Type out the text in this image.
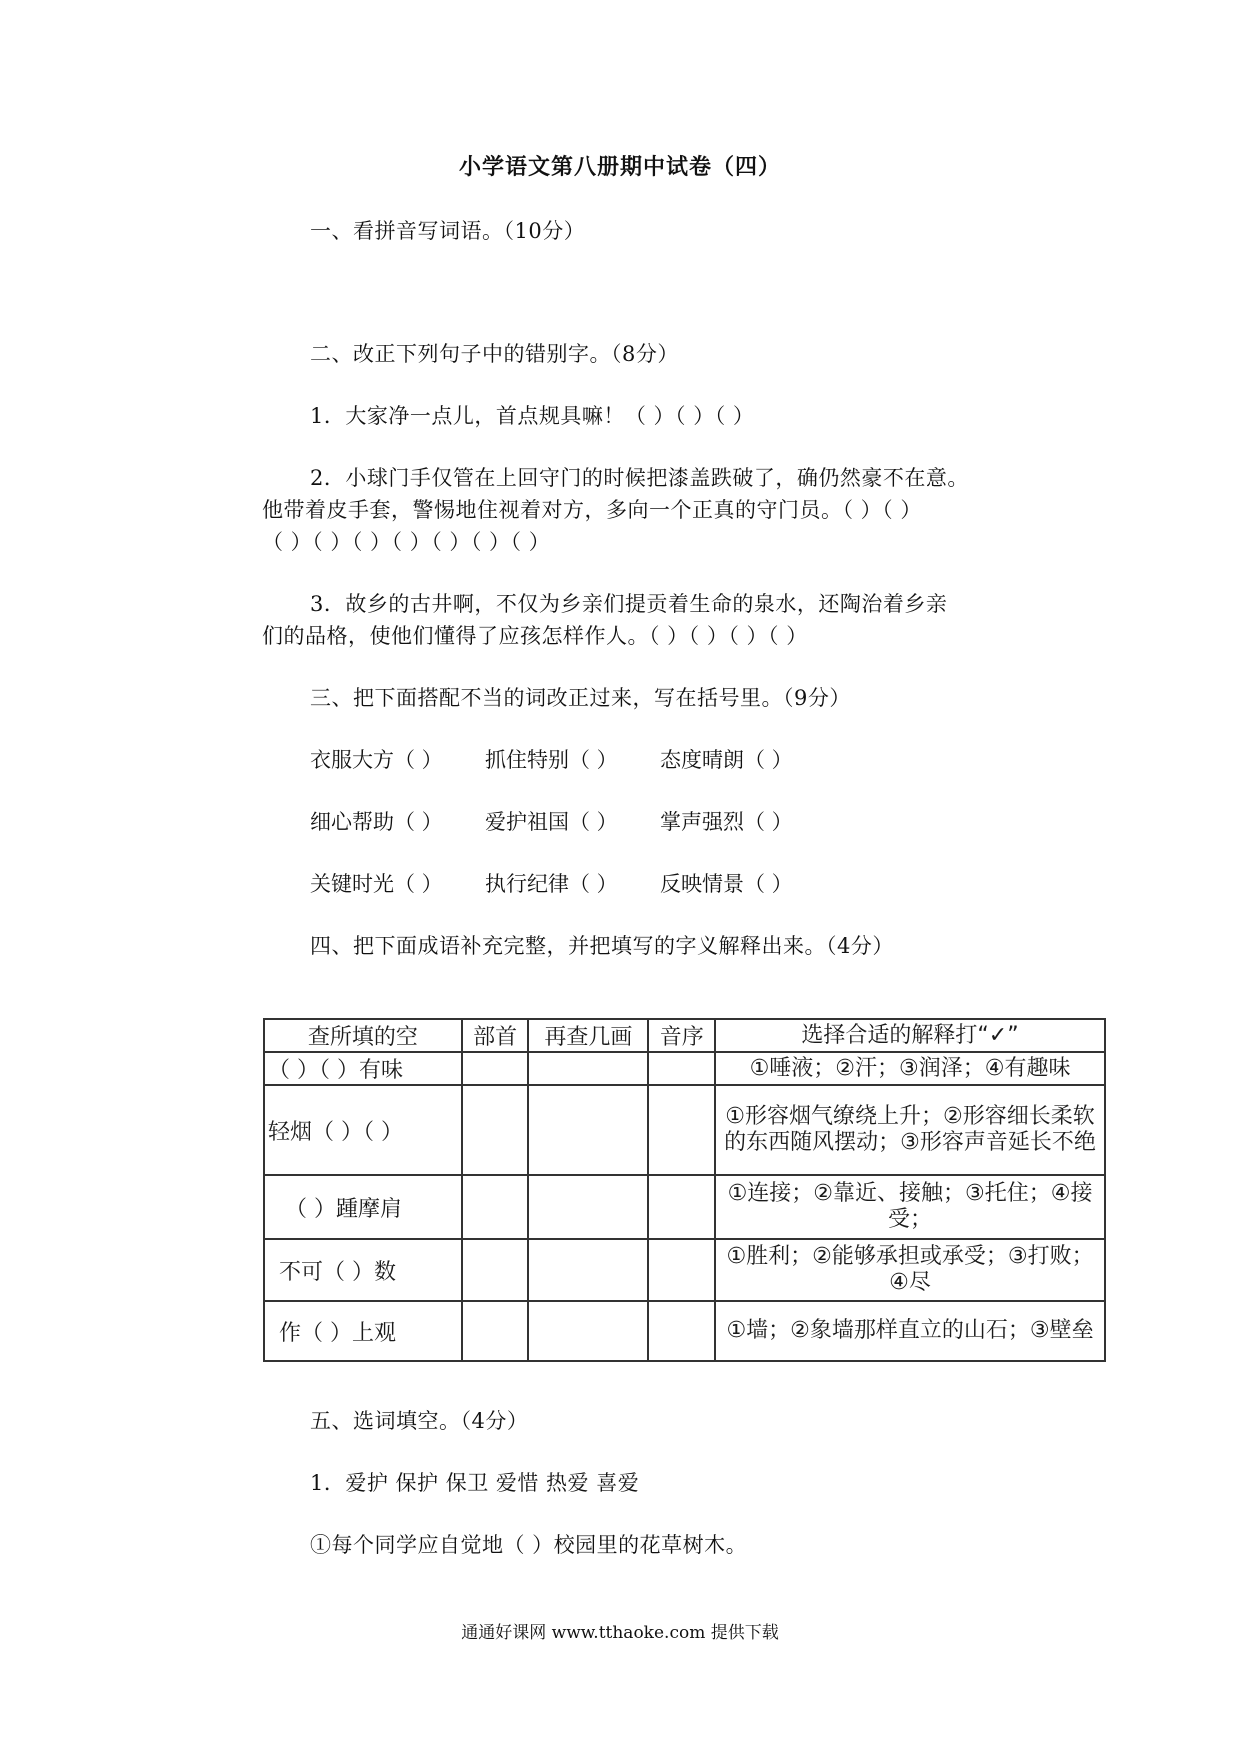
小学语文第八册期中试卷（四）
一、看拼音写词语。（10分）
二、改正下列句子中的错别字。（8分）
1．大家净一点儿，首点规具嘛！（ ）（ ）（ ）
2．小球门手仅管在上回守门的时候把漆盖跌破了，确仍然豪不在意。
他带着皮手套，警惕地住视着对方，多向一个正真的守门员。（ ）（ ）
（ ）（ ）（ ）（ ）（ ）（ ）（ ）
3．故乡的古井啊，不仅为乡亲们提贡着生命的泉水，还陶治着乡亲
们的品格，使他们懂得了应孩怎样作人。（ ）（ ）（ ）（ ）
三、把下面搭配不当的词改正过来，写在括号里。（9分）
衣服大方（ ） 抓住特别（ ） 态度晴朗（ ）
细心帮助（ ） 爱护祖国（ ） 掌声强烈（ ）
关键时光（ ） 执行纪律（ ） 反映情景（ ）
四、把下面成语补充完整，并把填写的字义解释出来。（4分）
查所填的空	部首	再查几画	音序	选择合适的解释打“✓”
（ ）（ ）有味				①唾液；②汗；③润泽；④有趣味
轻烟（ ）（ ）				①形容烟气缭绕上升；②形容细长柔软的东西随风摆动；③形容声音延长不绝
（ ）踵摩肩				①连接；②靠近、接触；③托住；④接受；
不可（ ）数				①胜利；②能够承担或承受；③打败；④尽
作（ ）上观				①墙；②象墙那样直立的山石；③壁垒
五、选词填空。（4分）
1．爱护 保护 保卫 爱惜 热爱 喜爱
①每个同学应自觉地（ ）校园里的花草树木。
通通好课网 www.tthaoke.com 提供下载
